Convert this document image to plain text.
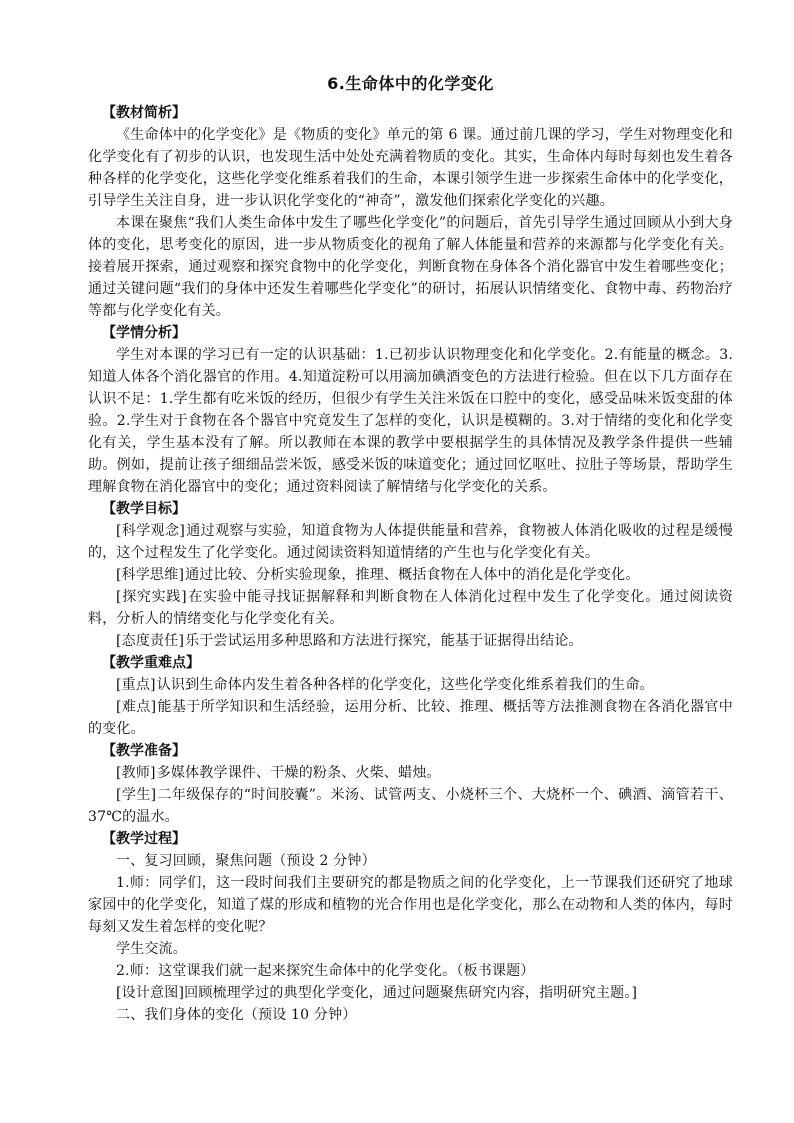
6.生命体中的化学变化
【教材简析】

《生命体中的化学变化》是《物质的变化》单元的第 6 课。通过前几课的学习，学生对物理变化和化学变化有了初步的认识，也发现生活中处处充满着物质的变化。其实，生命体内每时每刻也发生着各种各样的化学变化，这些化学变化维系着我们的生命，本课引领学生进一步探索生命体中的化学变化，引导学生关注自身，进一步认识化学变化的“神奇”，激发他们探索化学变化的兴趣。

本课在聚焦“我们人类生命体中发生了哪些化学变化”的问题后，首先引导学生通过回顾从小到大身体的变化，思考变化的原因，进一步从物质变化的视角了解人体能量和营养的来源都与化学变化有关。接着展开探索，通过观察和探究食物中的化学变化，判断食物在身体各个消化器官中发生着哪些变化；通过关键问题“我们的身体中还发生着哪些化学变化”的研讨，拓展认识情绪变化、食物中毒、药物治疗等都与化学变化有关。

【学情分析】

学生对本课的学习已有一定的认识基础：1.已初步认识物理变化和化学变化。2.有能量的概念。3.知道人体各个消化器官的作用。4.知道淀粉可以用滴加碘酒变色的方法进行检验。但在以下几方面存在认识不足：1.学生都有吃米饭的经历，但很少有学生关注米饭在口腔中的变化，感受品味米饭变甜的体验。2.学生对于食物在各个器官中究竟发生了怎样的变化，认识是模糊的。3.对于情绪的变化和化学变化有关，学生基本没有了解。所以教师在本课的教学中要根据学生的具体情况及教学条件提供一些辅助。例如，提前让孩子细细品尝米饭，感受米饭的味道变化；通过回忆呕吐、拉肚子等场景，帮助学生理解食物在消化器官中的变化；通过资料阅读了解情绪与化学变化的关系。

【教学目标】

[科学观念]通过观察与实验，知道食物为人体提供能量和营养，食物被人体消化吸收的过程是缓慢的，这个过程发生了化学变化。通过阅读资料知道情绪的产生也与化学变化有关。

[科学思维]通过比较、分析实验现象，推理、概括食物在人体中的消化是化学变化。

[探究实践]在实验中能寻找证据解释和判断食物在人体消化过程中发生了化学变化。通过阅读资料，分析人的情绪变化与化学变化有关。

[态度责任]乐于尝试运用多种思路和方法进行探究，能基于证据得出结论。

【教学重难点】

[重点]认识到生命体内发生着各种各样的化学变化，这些化学变化维系着我们的生命。

[难点]能基于所学知识和生活经验，运用分析、比较、推理、概括等方法推测食物在各消化器官中的变化。

【教学准备】

[教师]多媒体教学课件、干燥的粉条、火柴、蜡烛。

[学生]二年级保存的“时间胶囊”。米汤、试管两支、小烧杯三个、大烧杯一个、碘酒、滴管若干、37℃的温水。

【教学过程】

一、复习回顾，聚焦问题（预设 2 分钟）

1.师：同学们，这一段时间我们主要研究的都是物质之间的化学变化，上一节课我们还研究了地球家园中的化学变化，知道了煤的形成和植物的光合作用也是化学变化，那么在动物和人类的体内，每时每刻又发生着怎样的变化呢？

学生交流。

2.师：这堂课我们就一起来探究生命体中的化学变化。（板书课题）

[设计意图]回顾梳理学过的典型化学变化，通过问题聚焦研究内容，指明研究主题。]

二、我们身体的变化（预设 10 分钟）
